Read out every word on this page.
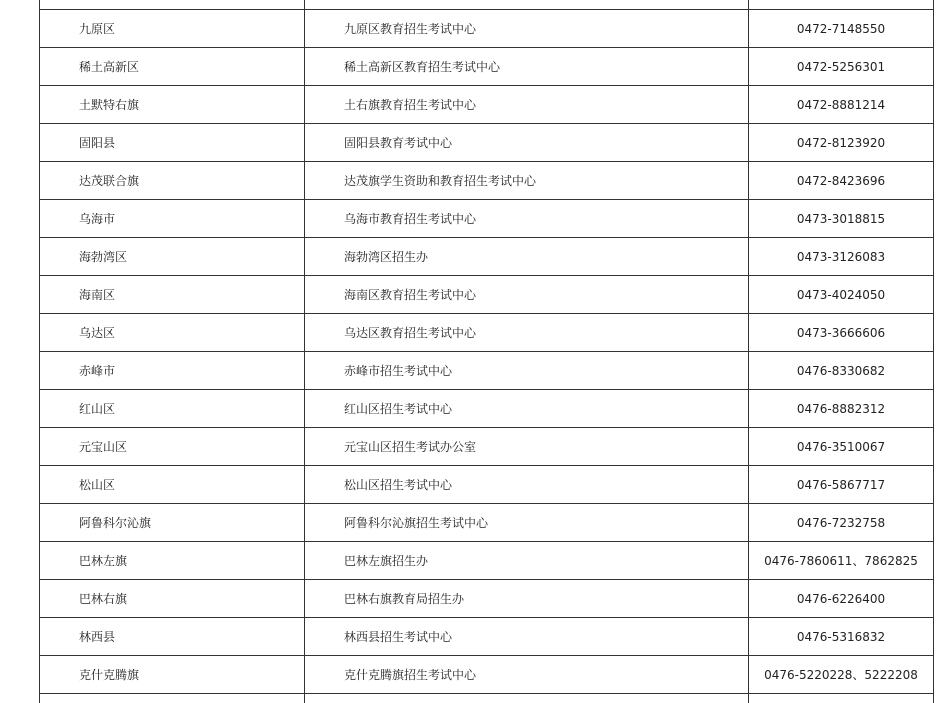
九原区	九原区教育招生考试中心	0472-7148550
稀土高新区	稀土高新区教育招生考试中心	0472-5256301
土默特右旗	土右旗教育招生考试中心	0472-8881214
固阳县	固阳县教育考试中心	0472-8123920
达茂联合旗	达茂旗学生资助和教育招生考试中心	0472-8423696
乌海市	乌海市教育招生考试中心	0473-3018815
海勃湾区	海勃湾区招生办	0473-3126083
海南区	海南区教育招生考试中心	0473-4024050
乌达区	乌达区教育招生考试中心	0473-3666606
赤峰市	赤峰市招生考试中心	0476-8330682
红山区	红山区招生考试中心	0476-8882312
元宝山区	元宝山区招生考试办公室	0476-3510067
松山区	松山区招生考试中心	0476-5867717
阿鲁科尔沁旗	阿鲁科尔沁旗招生考试中心	0476-7232758
巴林左旗	巴林左旗招生办	0476-7860611、7862825
巴林右旗	巴林右旗教育局招生办	0476-6226400
林西县	林西县招生考试中心	0476-5316832
克什克腾旗	克什克腾旗招生考试中心	0476-5220228、5222208
